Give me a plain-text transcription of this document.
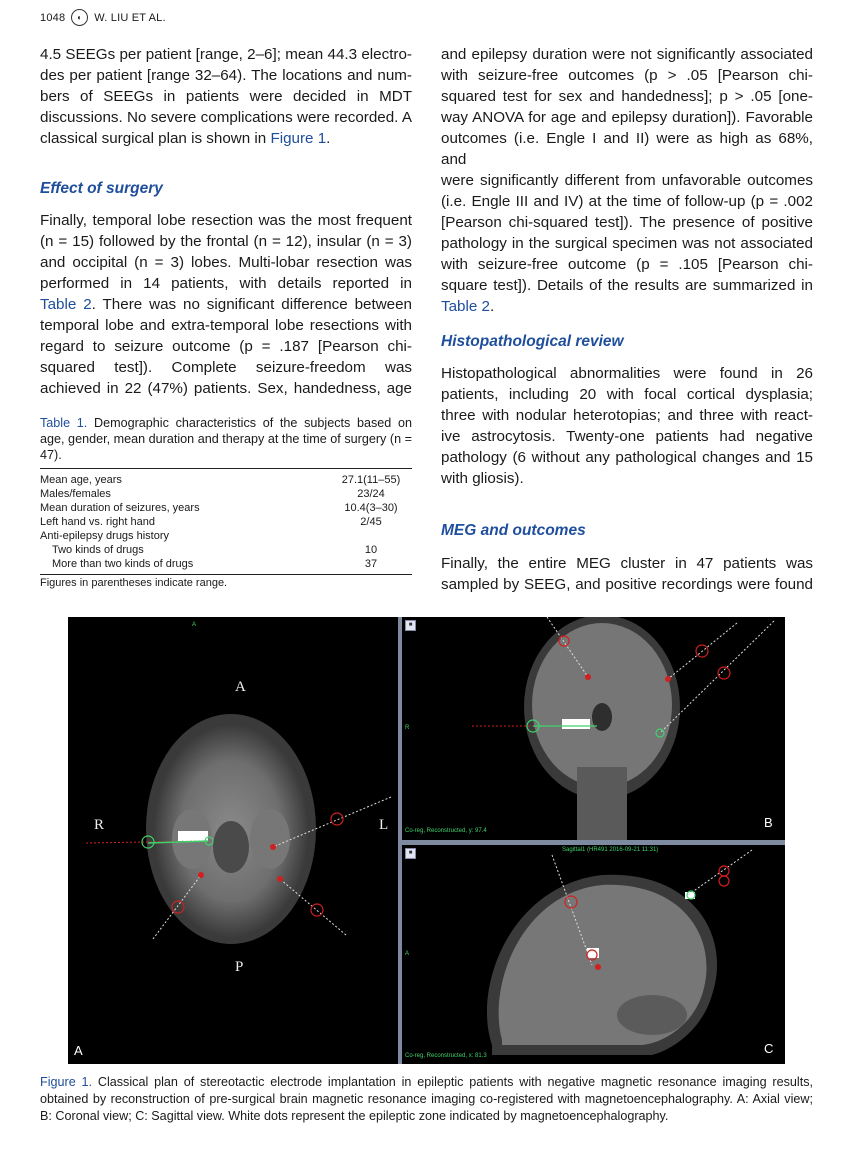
1048	◐	W. LIU ET AL.

4.5 SEEGs per patient [range, 2–6]; mean 44.3 electro-

des per patient [range 32–64). The locations and num-

bers of SEEGs in patients were decided in MDT

discussions. No severe complications were recorded. A

classical surgical plan is shown in Figure 1.

Effect of surgery

Finally, temporal lobe resection was the most frequent

(n = 15) followed by the frontal (n = 12), insular (n = 3)

and occipital (n = 3) lobes. Multi-lobar resection was

performed in 14 patients, with details reported in

Table 2. There was no significant difference between

temporal lobe and extra-temporal lobe resections with

regard to seizure outcome (p = .187 [Pearson chi-

squared test]). Complete seizure-freedom was

achieved in 22 (47%) patients. Sex, handedness, age

Table 1. Demographic characteristics of the subjects based on age, gender, mean duration and therapy at the time of surgery (n = 47).
Mean age, years	27.1(11–55)
Males/females	23/24
Mean duration of seizures, years	10.4(3–30)
Left hand vs. right hand	2/45
Anti-epilepsy drugs history
Two kinds of drugs	10
More than two kinds of drugs	37
Figures in parentheses indicate range.

and epilepsy duration were not significantly associated

with seizure-free outcomes (p > .05 [Pearson chi-

squared test for sex and handedness]; p > .05 [one-

way ANOVA for age and epilepsy duration]). Favorable

outcomes (i.e. Engle I and II) were as high as 68%, and

were significantly different from unfavorable outcomes

(i.e. Engle III and IV) at the time of follow-up (p = .002

[Pearson chi-squared test]). The presence of positive

pathology in the surgical specimen was not associated

with seizure-free outcome (p = .105 [Pearson chi-

square test]). Details of the results are summarized in

Table 2.

Histopathological review

Histopathological abnormalities were found in 26

patients, including 20 with focal cortical dysplasia;

three with nodular heterotopias; and three with react-

ive astrocytosis. Twenty-one patients had negative

pathology (6 without any pathological changes and 15

with gliosis).

MEG and outcomes

Finally, the entire MEG cluster in 47 patients was

sampled by SEEG, and positive recordings were found

A
A
P
R	L
A
■
R
Co-reg, Reconstructed, y: 97.4
B
■	Sagittal1 (HR491 2016-09-21 11:31)
A
Co-reg, Reconstructed, x: 81.3	C
Figure 1. Classical plan of stereotactic electrode implantation in epileptic patients with negative magnetic resonance imaging results, obtained by reconstruction of pre-surgical brain magnetic resonance imaging co-registered with magnetoencephalography. A: Axial view; B: Coronal view; C: Sagittal view. White dots represent the epileptic zone indicated by magnetoencephalography.
